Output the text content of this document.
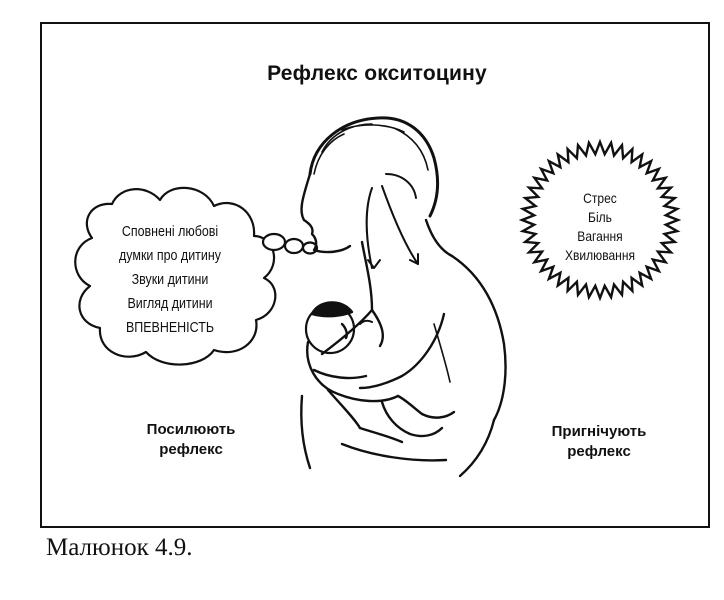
Рефлекс окситоцину
Сповнені любові
думки про дитину
Звуки дитини
Вигляд дитини
ВПЕВНЕНІСТЬ
Стрес
Біль
Вагання
Хвилювання
Посилюють
рефлекс
Пригнічують
рефлекс
Малюнок 4.9.
